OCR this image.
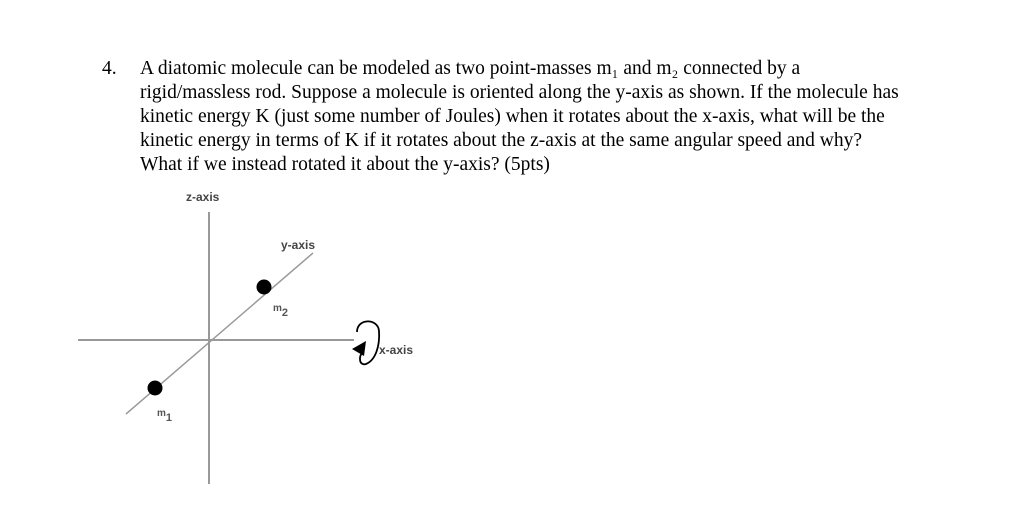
4. A diatomic molecule can be modeled as two point-masses m₁ and m₂ connected by a
rigid/massless rod. Suppose a molecule is oriented along the y-axis as shown. If the molecule has
kinetic energy K (just some number of Joules) when it rotates about the x-axis, what will be the
kinetic energy in terms of K if it rotates about the z-axis at the same angular speed and why?
What if we instead rotated it about the y-axis? (5pts)
z-axis
y-axis
x-axis
m2
m1
